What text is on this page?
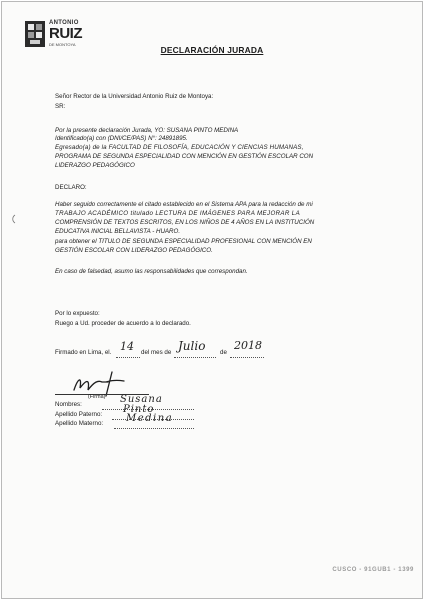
ANTONIO
RUIZ
DE MONTOYA
DECLARACIÓN JURADA
Señor Rector de la Universidad Antonio Ruiz de Montoya:
SR:
Por la presente declaración Jurada, YO: SUSANA PINTO MEDINA
Identificado(a) con (DNI/CE/PAS) N°: 24891895.
Egresado(a) de la FACULTAD DE FILOSOFÍA, EDUCACIÓN Y CIENCIAS HUMANAS,
PROGRAMA DE SEGUNDA ESPECIALIDAD CON MENCIÓN EN GESTIÓN ESCOLAR CON
LIDERAZGO PEDAGÓGICO
DECLARO:
Haber seguido correctamente el citado establecido en el Sistema APA para la redacción de mi
TRABAJO ACADÉMICO titulado LECTURA DE IMÁGENES PARA MEJORAR LA
COMPRENSIÓN DE TEXTOS ESCRITOS, EN LOS NIÑOS DE 4 AÑOS EN LA INSTITUCIÓN
EDUCATIVA INICIAL BELLAVISTA - HUARO.
para obtener el TITULO DE SEGUNDA ESPECIALIDAD PROFESIONAL CON MENCIÓN EN
GESTIÓN ESCOLAR CON LIDERAZGO PEDAGÓGICO.
En caso de falsedad, asumo las responsabilidades que correspondan.
Por lo expuesto:
Ruego a Ud. proceder de acuerdo a lo declarado.
Firmado en Lima, el. 14 del mes de Julio de
2018
(Firma)
Nombres:	Susana
Apellido Paterno: Pinto
Apellido Materno: Medina
CUSCO - 91GUB1 - 1399
